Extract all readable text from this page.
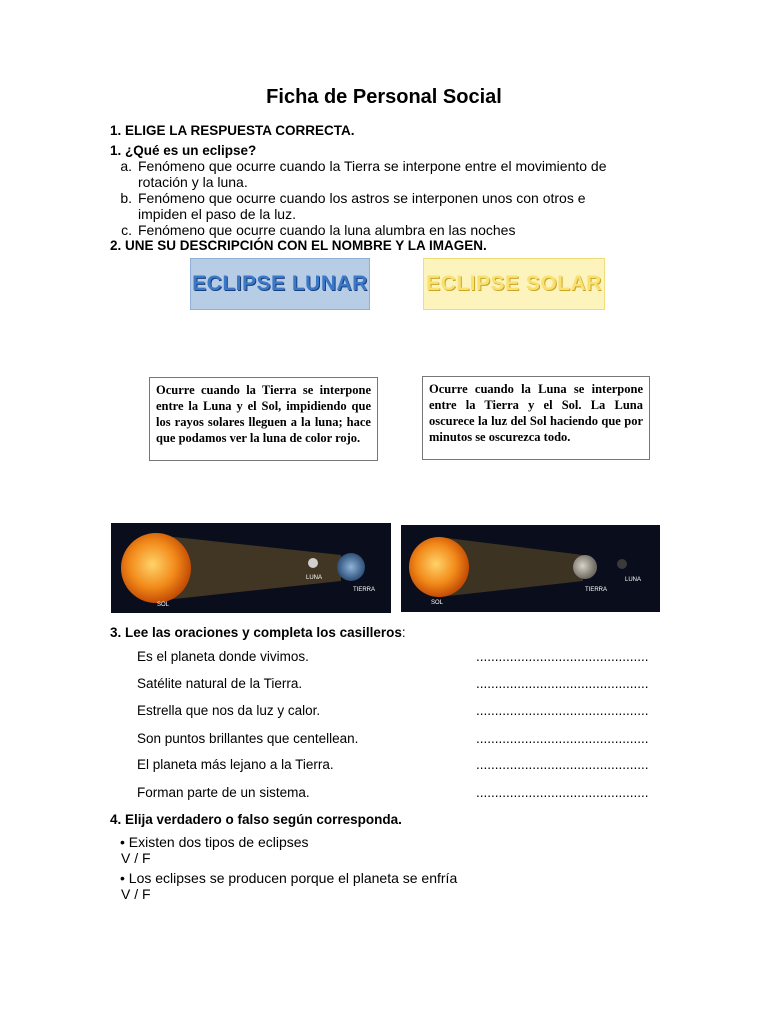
Ficha de Personal Social
1. ELIGE LA RESPUESTA CORRECTA.
1. ¿Qué es un eclipse?
a. Fenómeno que ocurre cuando la Tierra se interpone entre el movimiento de
rotación y la luna.
b. Fenómeno que ocurre cuando los astros se interponen unos con otros e
impiden el paso de la luz.
c. Fenómeno que ocurre cuando la luna alumbra en las noches
2. UNE SU DESCRIPCIÓN CON EL NOMBRE Y LA IMAGEN.
ECLIPSE LUNAR	ECLIPSE SOLAR
Ocurre cuando la Tierra se interpone entre la Luna y el Sol, impidiendo que los rayos solares lleguen a la luna; hace que podamos ver la luna de color rojo.
Ocurre cuando la Luna se interpone entre la Tierra y el Sol. La Luna oscurece la luz del Sol haciendo que por minutos se oscurezca todo.
SOL
LUNA
TIERRA
SOL
TIERRA
LUNA
3. Lee las oraciones y completa los casilleros:
Es el planeta donde vivimos.	..............................................
Satélite natural de la Tierra.	..............................................
Estrella que nos da luz y calor.	..............................................
Son puntos brillantes que centellean.	..............................................
El planeta más lejano a la Tierra.	..............................................
Forman parte de un sistema.	..............................................
4. Elija verdadero o falso según corresponda.
• Existen dos tipos de eclipses
V / F
• Los eclipses se producen porque el planeta se enfría
V / F
